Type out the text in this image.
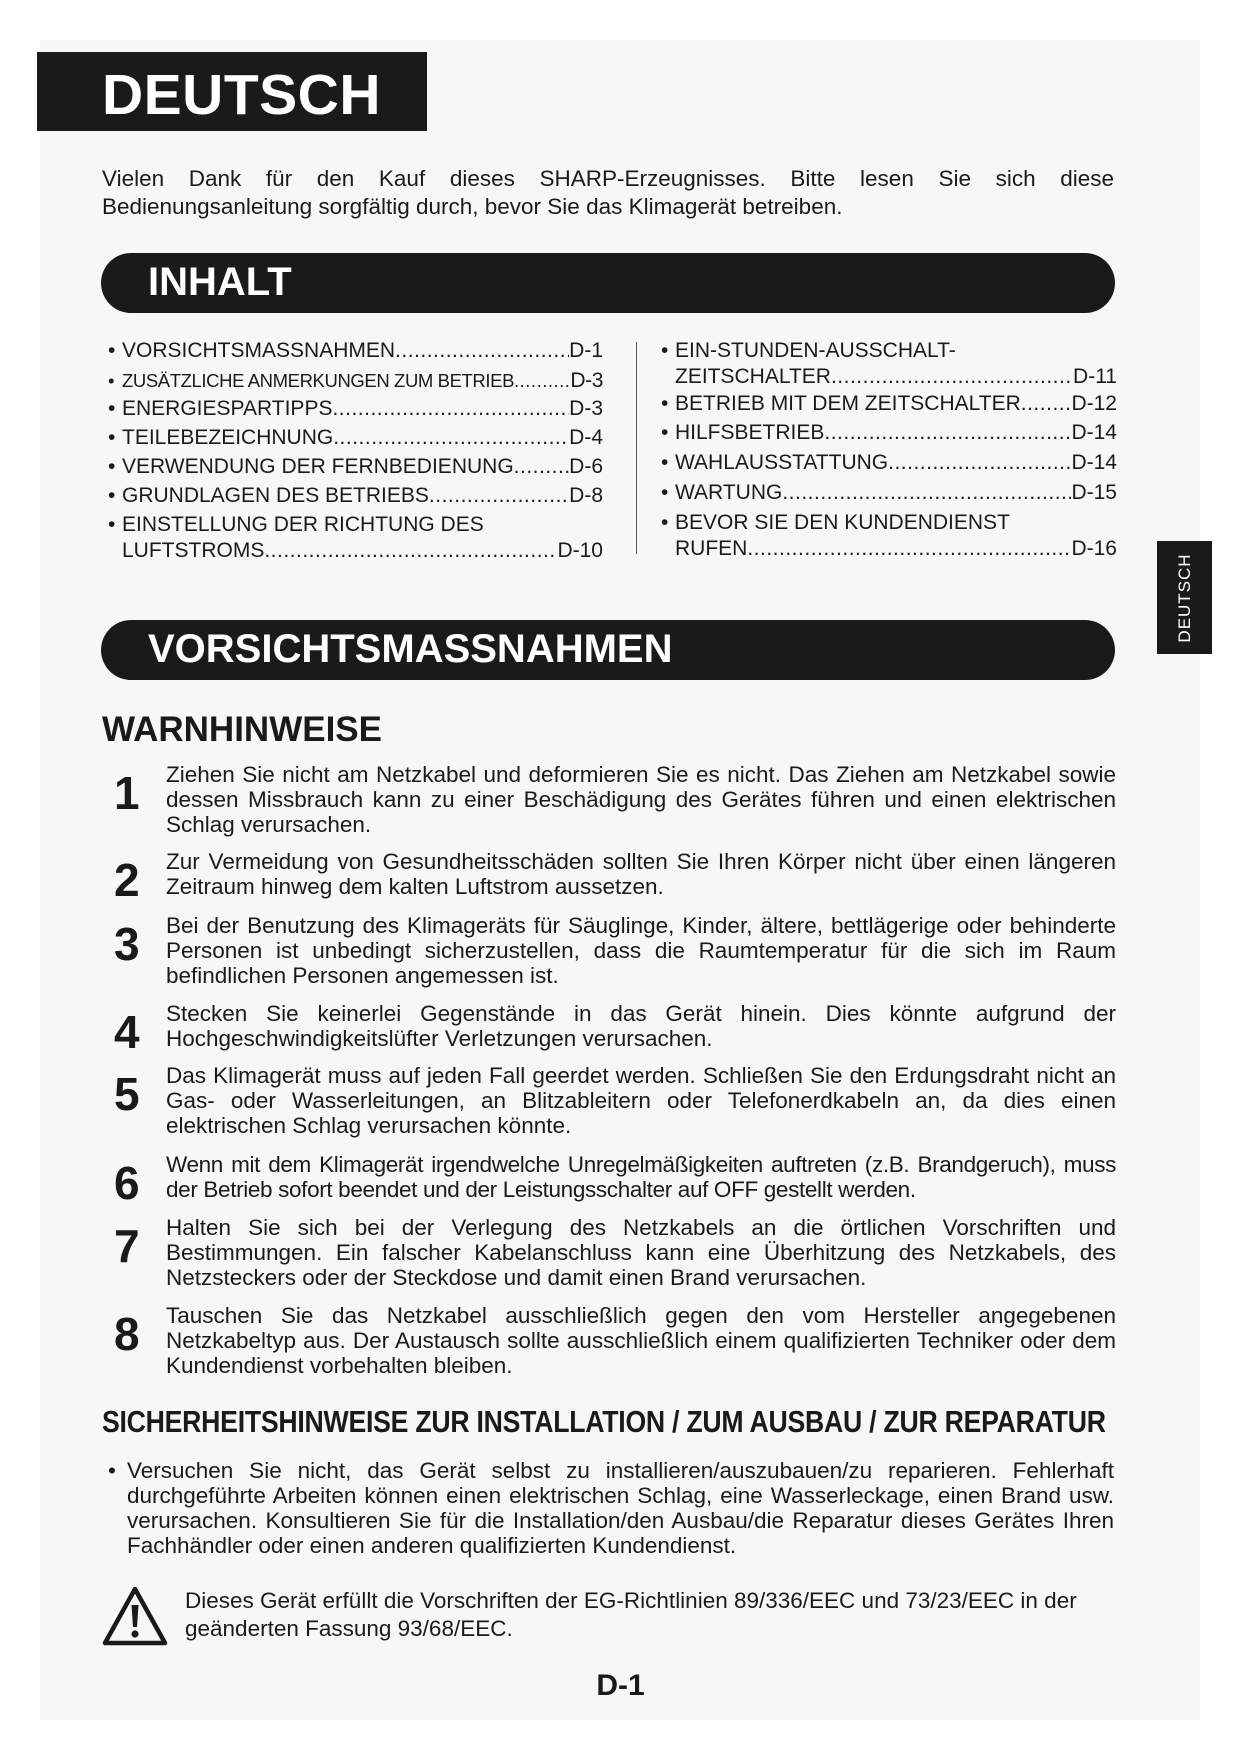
DEUTSCH

Vielen Dank für den Kauf dieses SHARP-Erzeugnisses. Bitte lesen Sie sich diese Bedienungsanleitung sorgfältig durch, bevor Sie das Klimagerät betreiben.

INHALT
• VORSICHTSMASSNAHMEN .....	D-1
• ZUSÄTZLICHE ANMERKUNGEN ZUM BETRIEB .....	D-3
• ENERGIESPARTIPPS .....	D-3
• TEILEBEZEICHNUNG .....	D-4
• VERWENDUNG DER FERNBEDIENUNG .....	D-6
• GRUNDLAGEN DES BETRIEBS .....	D-8
• EINSTELLUNG DER RICHTUNG DES
LUFTSTROMS .....	D-10
• EIN-STUNDEN-AUSSCHALT-
ZEITSCHALTER .....	D-11
• BETRIEB MIT DEM ZEITSCHALTER ..... D-12
• HILFSBETRIEB .....	D-14
• WAHLAUSSTATTUNG .....	D-14
• WARTUNG .....	D-15
• BEVOR SIE DEN KUNDENDIENST
RUFEN .....	D-16
DEUTSCH
VORSICHTSMASSNAHMEN
WARNHINWEISE
1 Ziehen Sie nicht am Netzkabel und deformieren Sie es nicht. Das Ziehen am Netzkabel sowie dessen Missbrauch kann zu einer Beschädigung des Gerätes führen und einen elektrischen Schlag verursachen.

2 Zur Vermeidung von Gesundheitsschäden sollten Sie Ihren Körper nicht über einen längeren Zeitraum hinweg dem kalten Luftstrom aussetzen.

3 Bei der Benutzung des Klimageräts für Säuglinge, Kinder, ältere, bettlägerige oder behinderte Personen ist unbedingt sicherzustellen, dass die Raumtemperatur für die sich im Raum befindlichen Personen angemessen ist.

4 Stecken Sie keinerlei Gegenstände in das Gerät hinein. Dies könnte aufgrund der Hochgeschwindigkeitslüfter Verletzungen verursachen.

5 Das Klimagerät muss auf jeden Fall geerdet werden. Schließen Sie den Erdungsdraht nicht an Gas- oder Wasserleitungen, an Blitzableitern oder Telefonerdkabeln an, da dies einen elektrischen Schlag verursachen könnte.

6 Wenn mit dem Klimagerät irgendwelche Unregelmäßigkeiten auftreten (z.B. Brandgeruch), muss der Betrieb sofort beendet und der Leistungsschalter auf OFF gestellt werden.

7 Halten Sie sich bei der Verlegung des Netzkabels an die örtlichen Vorschriften und Bestimmungen. Ein falscher Kabelanschluss kann eine Überhitzung des Netzkabels, des Netzsteckers oder der Steckdose und damit einen Brand verursachen.

8 Tauschen Sie das Netzkabel ausschließlich gegen den vom Hersteller angegebenen Netzkabeltyp aus. Der Austausch sollte ausschließlich einem qualifizierten Techniker oder dem Kundendienst vorbehalten bleiben.

SICHERHEITSHINWEISE ZUR INSTALLATION / ZUM AUSBAU / ZUR REPARATUR
• Versuchen Sie nicht, das Gerät selbst zu installieren/auszubauen/zu reparieren. Fehlerhaft durchgeführte Arbeiten können einen elektrischen Schlag, eine Wasserleckage, einen Brand usw. verursachen. Konsultieren Sie für die Installation/den Ausbau/die Reparatur dieses Gerätes Ihren Fachhändler oder einen anderen qualifizierten Kundendienst.

Dieses Gerät erfüllt die Vorschriften der EG-Richtlinien 89/336/EEC und 73/23/EEC in der geänderten Fassung 93/68/EEC.

D-1
